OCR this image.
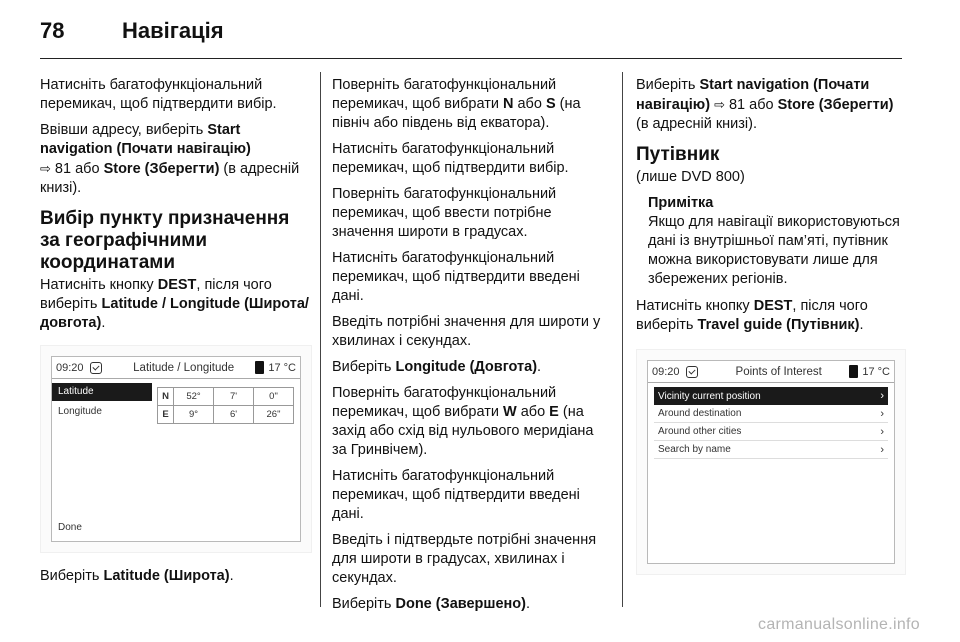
78	Навігація

Натисніть багатофункціональний перемикач, щоб підтвердити вибір.

Ввівши адресу, виберіть Start navigation (Почати навігацію)
⇨ 81 або Store (Зберегти) (в адресній книзі).

Вибір пункту призначення за географічними координатами

Натисніть кнопку DEST, після чого виберіть Latitude / Longitude (Широта/довгота).

09:20	Latitude / Longitude	17 °C
Latitude
Longitude
N	52°	7'	0"
E	9°	6'	26"
Done

Виберіть Latitude (Широта).

Поверніть багатофункціональний перемикач, щоб вибрати N або S (на північ або південь від екватора).

Натисніть багатофункціональний перемикач, щоб підтвердити вибір.

Поверніть багатофункціональний перемикач, щоб ввести потрібне значення широти в градусах.

Натисніть багатофункціональний перемикач, щоб підтвердити введені дані.

Введіть потрібні значення для широти у хвилинах і секундах.

Виберіть Longitude (Довгота).

Поверніть багатофункціональний перемикач, щоб вибрати W або E (на захід або схід від нульового меридіана за Гринвічем).

Натисніть багатофункціональний перемикач, щоб підтвердити введені дані.

Введіть і підтвердьте потрібні значення для широти в градусах, хвилинах і секундах.

Виберіть Done (Завершено).

Виберіть Start navigation (Почати навігацію) ⇨ 81 або Store (Зберегти) (в адресній книзі).

Путівник

(лише DVD 800)

Примітка

Якщо для навігації використовуються дані із внутрішньої пам’яті, путівник можна використовувати лише для збережених регіонів.

Натисніть кнопку DEST, після чого виберіть Travel guide (Путівник).

09:20	Points of Interest	17 °C
Vicinity current position	›
Around destination	›
Around other cities	›
Search by name	›
carmanualsonline.info
